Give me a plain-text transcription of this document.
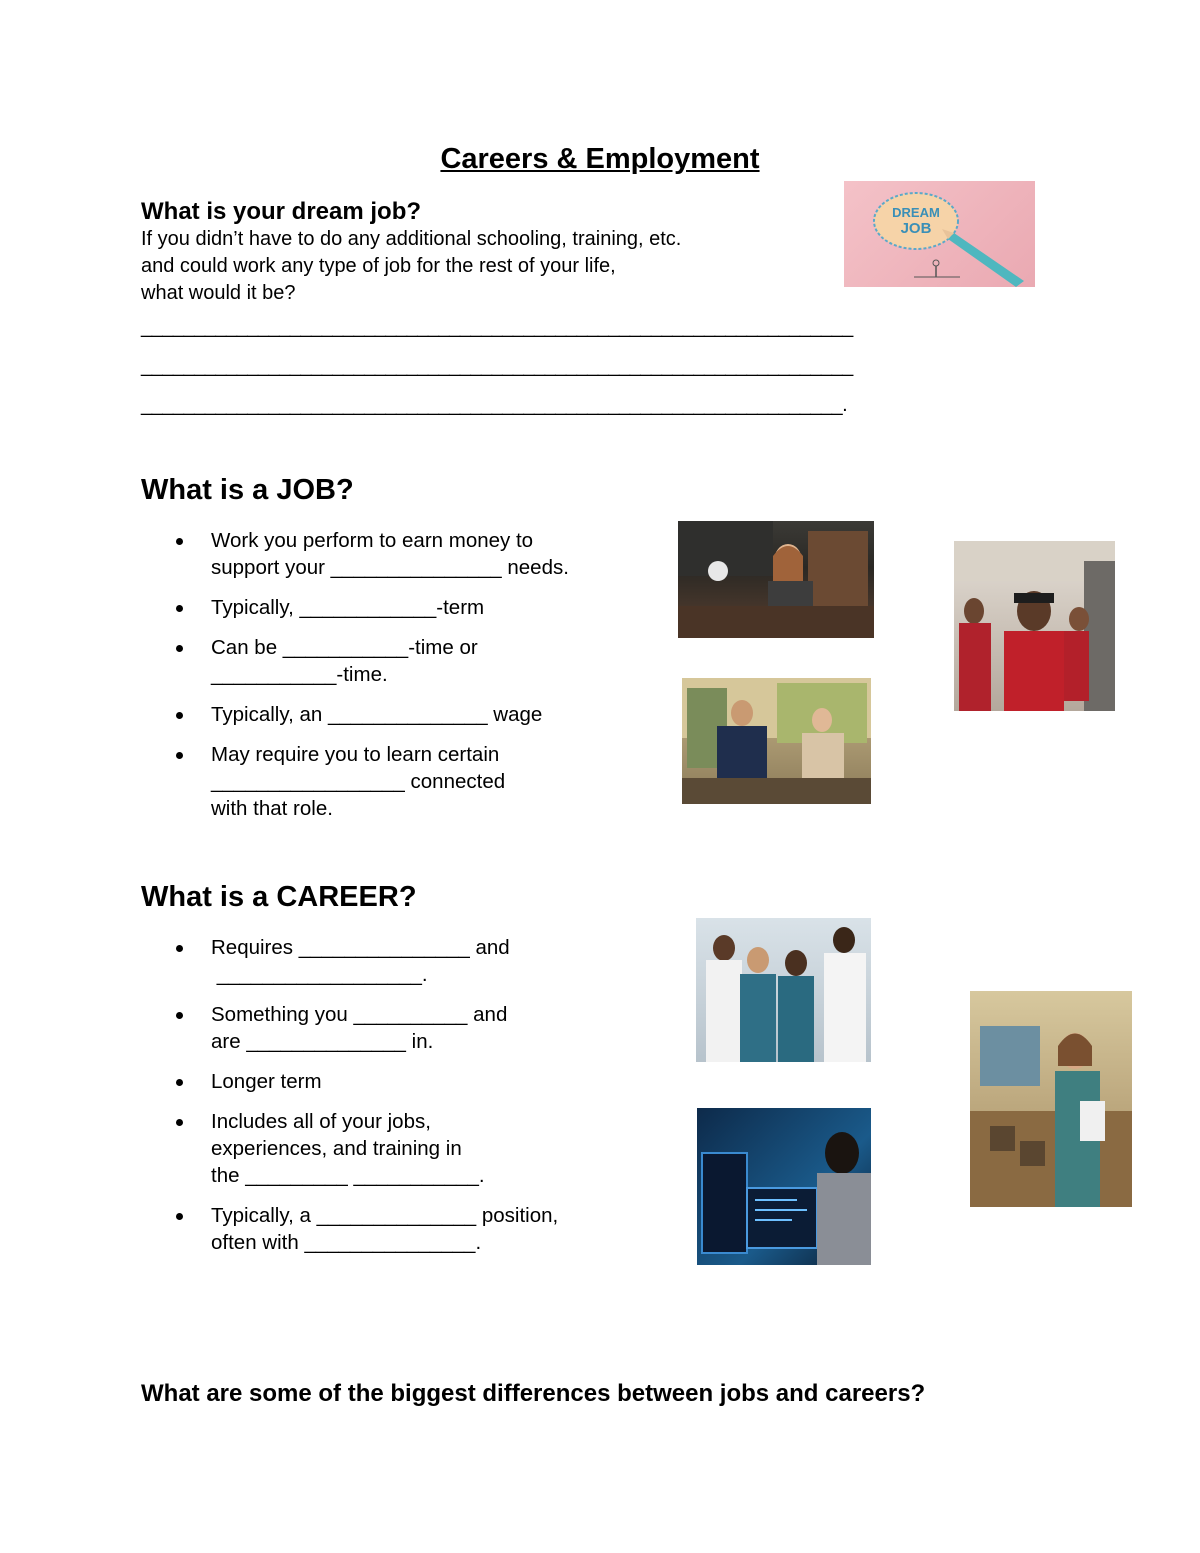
Careers & Employment
What is your dream job?
If you didn’t have to do any additional schooling, training, etc.
and could work any type of job for the rest of your life,
what would it be?
___________________________________________________________________
___________________________________________________________________
__________________________________________________________________.
DREAM
JOB
What is a JOB?
Work you perform to earn money to
support your _______________ needs.
Typically, ____________-term
Can be ___________-time or
___________-time.
Typically, an ______________ wage
May require you to learn certain
_________________ connected
with that role.
What is a CAREER?
Requires _______________ and
__________________.
Something you __________ and
are ______________ in.
Longer term
Includes all of your jobs,
experiences, and training in
the _________ ___________.
Typically, a ______________ position,
often with _______________.
What are some of the biggest differences between jobs and careers?
